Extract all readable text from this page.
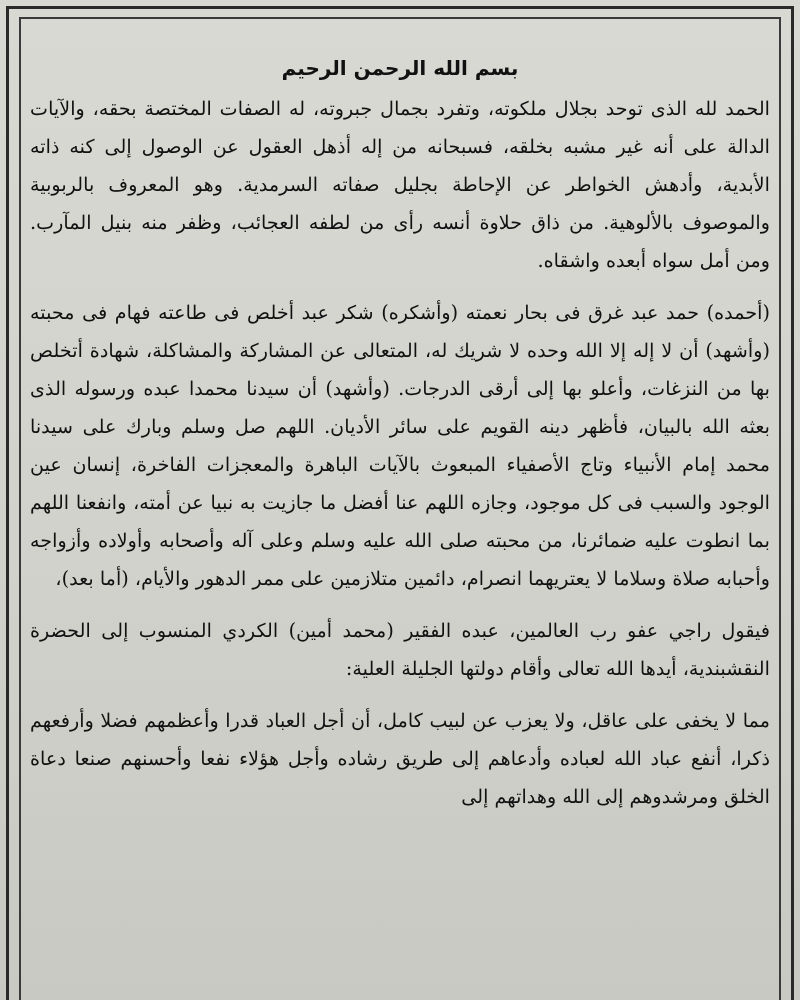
بسم الله الرحمن الرحيم

الحمد لله الذى توحد بجلال ملكوته، وتفرد بجمال جبروته، له الصفات المختصة بحقه، والآيات الدالة على أنه غير مشبه بخلقه، فسبحانه من إله أذهل العقول عن الوصول إلى كنه ذاته الأبدية، وأدهش الخواطر عن الإحاطة بجليل صفاته السرمدية. وهو المعروف بالربوبية والموصوف بالألوهية. من ذاق حلاوة أنسه رأى من لطفه العجائب، وظفر منه بنيل المآرب. ومن أمل سواه أبعده واشقاه.

(أحمده) حمد عبد غرق فى بحار نعمته (وأشكره) شكر عبد أخلص فى طاعته فهام فى محبته (وأشهد) أن لا إله إلا الله وحده لا شريك له، المتعالى عن المشاركة والمشاكلة، شهادة أتخلص بها من النزغات، وأعلو بها إلى أرقى الدرجات. (وأشهد) أن سيدنا محمدا عبده ورسوله الذى بعثه الله بالبيان، فأظهر دينه القويم على سائر الأديان. اللهم صل وسلم وبارك على سيدنا محمد إمام الأنبياء وتاج الأصفياء المبعوث بالآيات الباهرة والمعجزات الفاخرة، إنسان عين الوجود والسبب فى كل موجود، وجازه اللهم عنا أفضل ما جازيت به نبيا عن أمته، وانفعنا اللهم بما انطوت عليه ضمائرنا، من محبته صلى الله عليه وسلم وعلى آله وأصحابه وأولاده وأزواجه وأحبابه صلاة وسلاما لا يعتريهما انصرام، دائمين متلازمين على ممر الدهور والأيام، (أما بعد)،

فيقول راجي عفو رب العالمين، عبده الفقير (محمد أمين) الكردي المنسوب إلى الحضرة النقشبندية، أيدها الله تعالى وأقام دولتها الجليلة العلية:

مما لا يخفى على عاقل، ولا يعزب عن لبيب كامل، أن أجل العباد قدرا وأعظمهم فضلا وأرفعهم ذكرا، أنفع عباد الله لعباده وأدعاهم إلى طريق رشاده وأجل هؤلاء نفعا وأحسنهم صنعا دعاة الخلق ومرشدوهم إلى الله وهداتهم إلى
